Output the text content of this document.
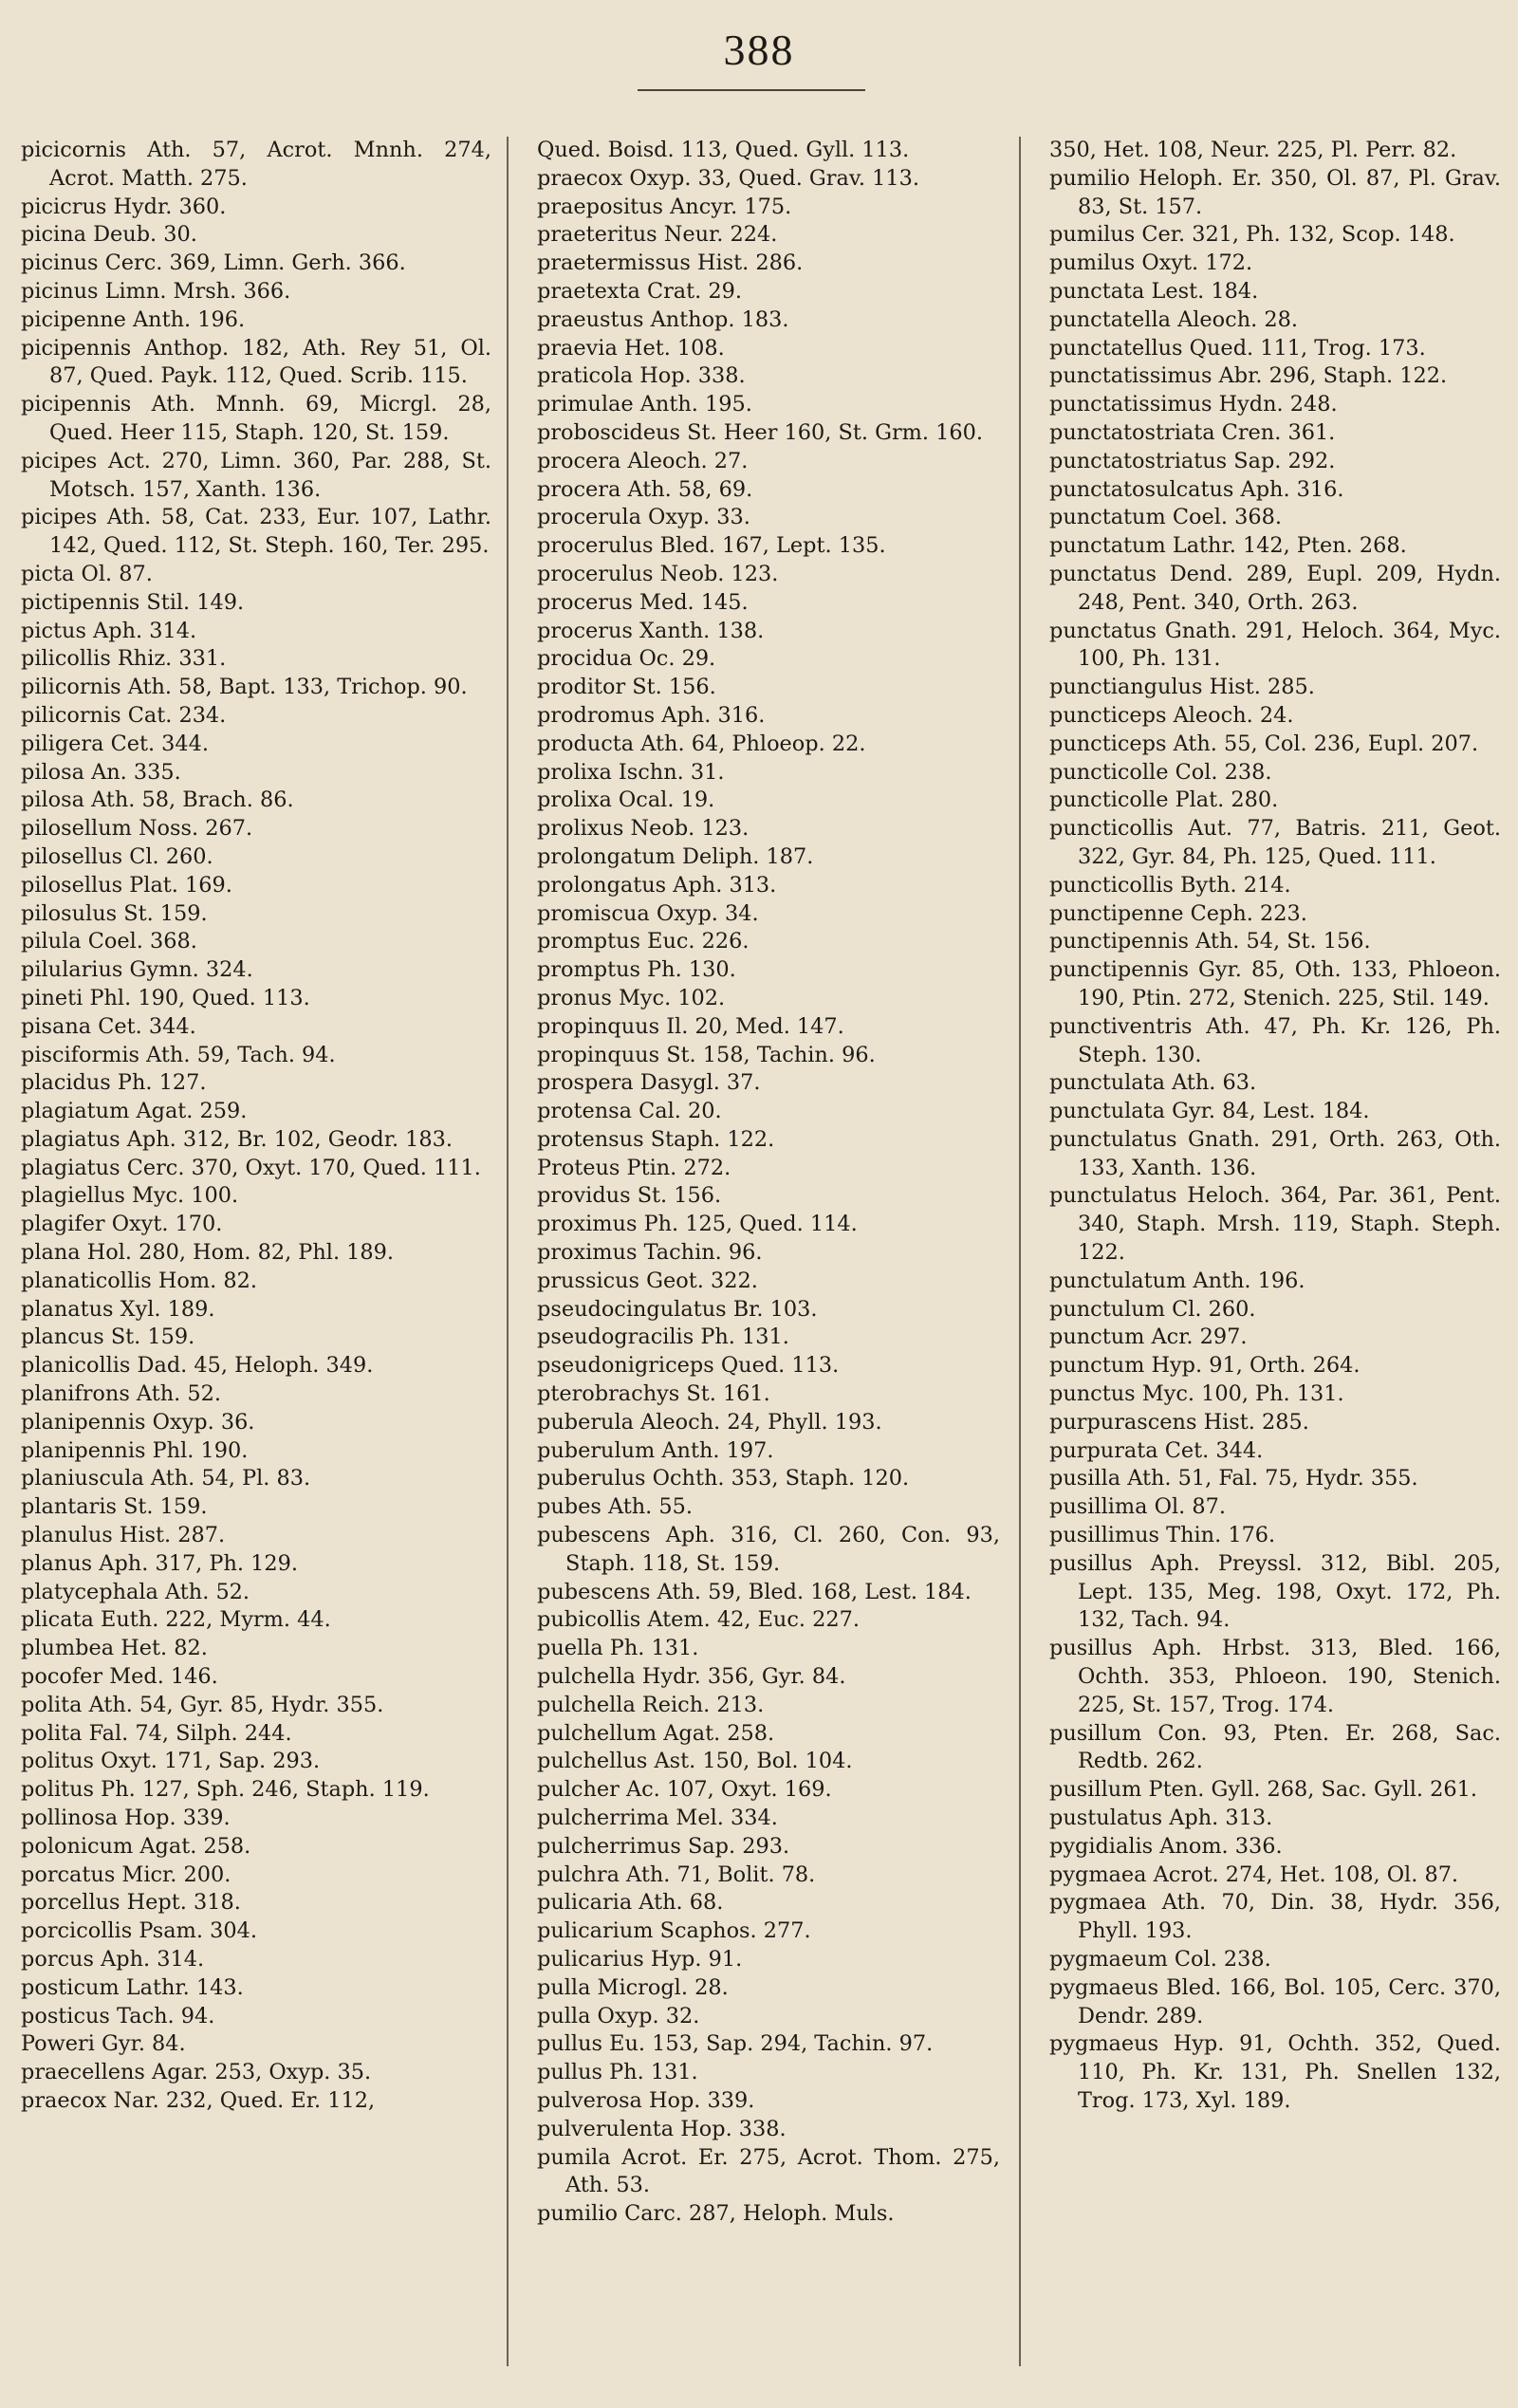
388
picicornis Ath. 57, Acrot. Mnnh. 274, Acrot. Matth. 275.
picicrus Hydr. 360.
picina Deub. 30.
picinus Cerc. 369, Limn. Gerh. 366.
picinus Limn. Mrsh. 366.
picipenne Anth. 196.
picipennis Anthop. 182, Ath. Rey 51, Ol. 87, Qued. Payk. 112, Qued. Scrib. 115.
picipennis Ath. Mnnh. 69, Micrgl. 28, Qued. Heer 115, Staph. 120, St. 159.
picipes Act. 270, Limn. 360, Par. 288, St. Motsch. 157, Xanth. 136.
picipes Ath. 58, Cat. 233, Eur. 107, Lathr. 142, Qued. 112, St. Steph. 160, Ter. 295.
picta Ol. 87.
pictipennis Stil. 149.
pictus Aph. 314.
pilicollis Rhiz. 331.
pilicornis Ath. 58, Bapt. 133, Trichop. 90.
pilicornis Cat. 234.
piligera Cet. 344.
pilosa An. 335.
pilosa Ath. 58, Brach. 86.
pilosellum Noss. 267.
pilosellus Cl. 260.
pilosellus Plat. 169.
pilosulus St. 159.
pilula Coel. 368.
pilularius Gymn. 324.
pineti Phl. 190, Qued. 113.
pisana Cet. 344.
pisciformis Ath. 59, Tach. 94.
placidus Ph. 127.
plagiatum Agat. 259.
plagiatus Aph. 312, Br. 102, Geodr. 183.
plagiatus Cerc. 370, Oxyt. 170, Qued. 111.
plagiellus Myc. 100.
plagifer Oxyt. 170.
plana Hol. 280, Hom. 82, Phl. 189.
planaticollis Hom. 82.
planatus Xyl. 189.
plancus St. 159.
planicollis Dad. 45, Heloph. 349.
planifrons Ath. 52.
planipennis Oxyp. 36.
planipennis Phl. 190.
planiuscula Ath. 54, Pl. 83.
plantaris St. 159.
planulus Hist. 287.
planus Aph. 317, Ph. 129.
platycephala Ath. 52.
plicata Euth. 222, Myrm. 44.
plumbea Het. 82.
pocofer Med. 146.
polita Ath. 54, Gyr. 85, Hydr. 355.
polita Fal. 74, Silph. 244.
politus Oxyt. 171, Sap. 293.
politus Ph. 127, Sph. 246, Staph. 119.
pollinosa Hop. 339.
polonicum Agat. 258.
porcatus Micr. 200.
porcellus Hept. 318.
porcicollis Psam. 304.
porcus Aph. 314.
posticum Lathr. 143.
posticus Tach. 94.
Poweri Gyr. 84.
praecellens Agar. 253, Oxyp. 35.
praecox Nar. 232, Qued. Er. 112,
Qued. Boisd. 113, Qued. Gyll. 113.
praecox Oxyp. 33, Qued. Grav. 113.
praepositus Ancyr. 175.
praeteritus Neur. 224.
praetermissus Hist. 286.
praetexta Crat. 29.
praeustus Anthop. 183.
praevia Het. 108.
praticola Hop. 338.
primulae Anth. 195.
proboscideus St. Heer 160, St. Grm. 160.
procera Aleoch. 27.
procera Ath. 58, 69.
procerula Oxyp. 33.
procerulus Bled. 167, Lept. 135.
procerulus Neob. 123.
procerus Med. 145.
procerus Xanth. 138.
procidua Oc. 29.
proditor St. 156.
prodromus Aph. 316.
producta Ath. 64, Phloeop. 22.
prolixa Ischn. 31.
prolixa Ocal. 19.
prolixus Neob. 123.
prolongatum Deliph. 187.
prolongatus Aph. 313.
promiscua Oxyp. 34.
promptus Euc. 226.
promptus Ph. 130.
pronus Myc. 102.
propinquus Il. 20, Med. 147.
propinquus St. 158, Tachin. 96.
prospera Dasygl. 37.
protensa Cal. 20.
protensus Staph. 122.
Proteus Ptin. 272.
providus St. 156.
proximus Ph. 125, Qued. 114.
proximus Tachin. 96.
prussicus Geot. 322.
pseudocingulatus Br. 103.
pseudogracilis Ph. 131.
pseudonigriceps Qued. 113.
pterobrachys St. 161.
puberula Aleoch. 24, Phyll. 193.
puberulum Anth. 197.
puberulus Ochth. 353, Staph. 120.
pubes Ath. 55.
pubescens Aph. 316, Cl. 260, Con. 93, Staph. 118, St. 159.
pubescens Ath. 59, Bled. 168, Lest. 184.
pubicollis Atem. 42, Euc. 227.
puella Ph. 131.
pulchella Hydr. 356, Gyr. 84.
pulchella Reich. 213.
pulchellum Agat. 258.
pulchellus Ast. 150, Bol. 104.
pulcher Ac. 107, Oxyt. 169.
pulcherrima Mel. 334.
pulcherrimus Sap. 293.
pulchra Ath. 71, Bolit. 78.
pulicaria Ath. 68.
pulicarium Scaphos. 277.
pulicarius Hyp. 91.
pulla Microgl. 28.
pulla Oxyp. 32.
pullus Eu. 153, Sap. 294, Tachin. 97.
pullus Ph. 131.
pulverosa Hop. 339.
pulverulenta Hop. 338.
pumila Acrot. Er. 275, Acrot. Thom. 275, Ath. 53.
pumilio Carc. 287, Heloph. Muls.
350, Het. 108, Neur. 225, Pl. Perr. 82.
pumilio Heloph. Er. 350, Ol. 87, Pl. Grav. 83, St. 157.
pumilus Cer. 321, Ph. 132, Scop. 148.
pumilus Oxyt. 172.
punctata Lest. 184.
punctatella Aleoch. 28.
punctatellus Qued. 111, Trog. 173.
punctatissimus Abr. 296, Staph. 122.
punctatissimus Hydn. 248.
punctatostriata Cren. 361.
punctatostriatus Sap. 292.
punctatosulcatus Aph. 316.
punctatum Coel. 368.
punctatum Lathr. 142, Pten. 268.
punctatus Dend. 289, Eupl. 209, Hydn. 248, Pent. 340, Orth. 263.
punctatus Gnath. 291, Heloch. 364, Myc. 100, Ph. 131.
punctiangulus Hist. 285.
puncticeps Aleoch. 24.
puncticeps Ath. 55, Col. 236, Eupl. 207.
puncticolle Col. 238.
puncticolle Plat. 280.
puncticollis Aut. 77, Batris. 211, Geot. 322, Gyr. 84, Ph. 125, Qued. 111.
puncticollis Byth. 214.
punctipenne Ceph. 223.
punctipennis Ath. 54, St. 156.
punctipennis Gyr. 85, Oth. 133, Phloeon. 190, Ptin. 272, Stenich. 225, Stil. 149.
punctiventris Ath. 47, Ph. Kr. 126, Ph. Steph. 130.
punctulata Ath. 63.
punctulata Gyr. 84, Lest. 184.
punctulatus Gnath. 291, Orth. 263, Oth. 133, Xanth. 136.
punctulatus Heloch. 364, Par. 361, Pent. 340, Staph. Mrsh. 119, Staph. Steph. 122.
punctulatum Anth. 196.
punctulum Cl. 260.
punctum Acr. 297.
punctum Hyp. 91, Orth. 264.
punctus Myc. 100, Ph. 131.
purpurascens Hist. 285.
purpurata Cet. 344.
pusilla Ath. 51, Fal. 75, Hydr. 355.
pusillima Ol. 87.
pusillimus Thin. 176.
pusillus Aph. Preyssl. 312, Bibl. 205, Lept. 135, Meg. 198, Oxyt. 172, Ph. 132, Tach. 94.
pusillus Aph. Hrbst. 313, Bled. 166, Ochth. 353, Phloeon. 190, Stenich. 225, St. 157, Trog. 174.
pusillum Con. 93, Pten. Er. 268, Sac. Redtb. 262.
pusillum Pten. Gyll. 268, Sac. Gyll. 261.
pustulatus Aph. 313.
pygidialis Anom. 336.
pygmaea Acrot. 274, Het. 108, Ol. 87.
pygmaea Ath. 70, Din. 38, Hydr. 356, Phyll. 193.
pygmaeum Col. 238.
pygmaeus Bled. 166, Bol. 105, Cerc. 370, Dendr. 289.
pygmaeus Hyp. 91, Ochth. 352, Qued. 110, Ph. Kr. 131, Ph. Snellen 132, Trog. 173, Xyl. 189.
